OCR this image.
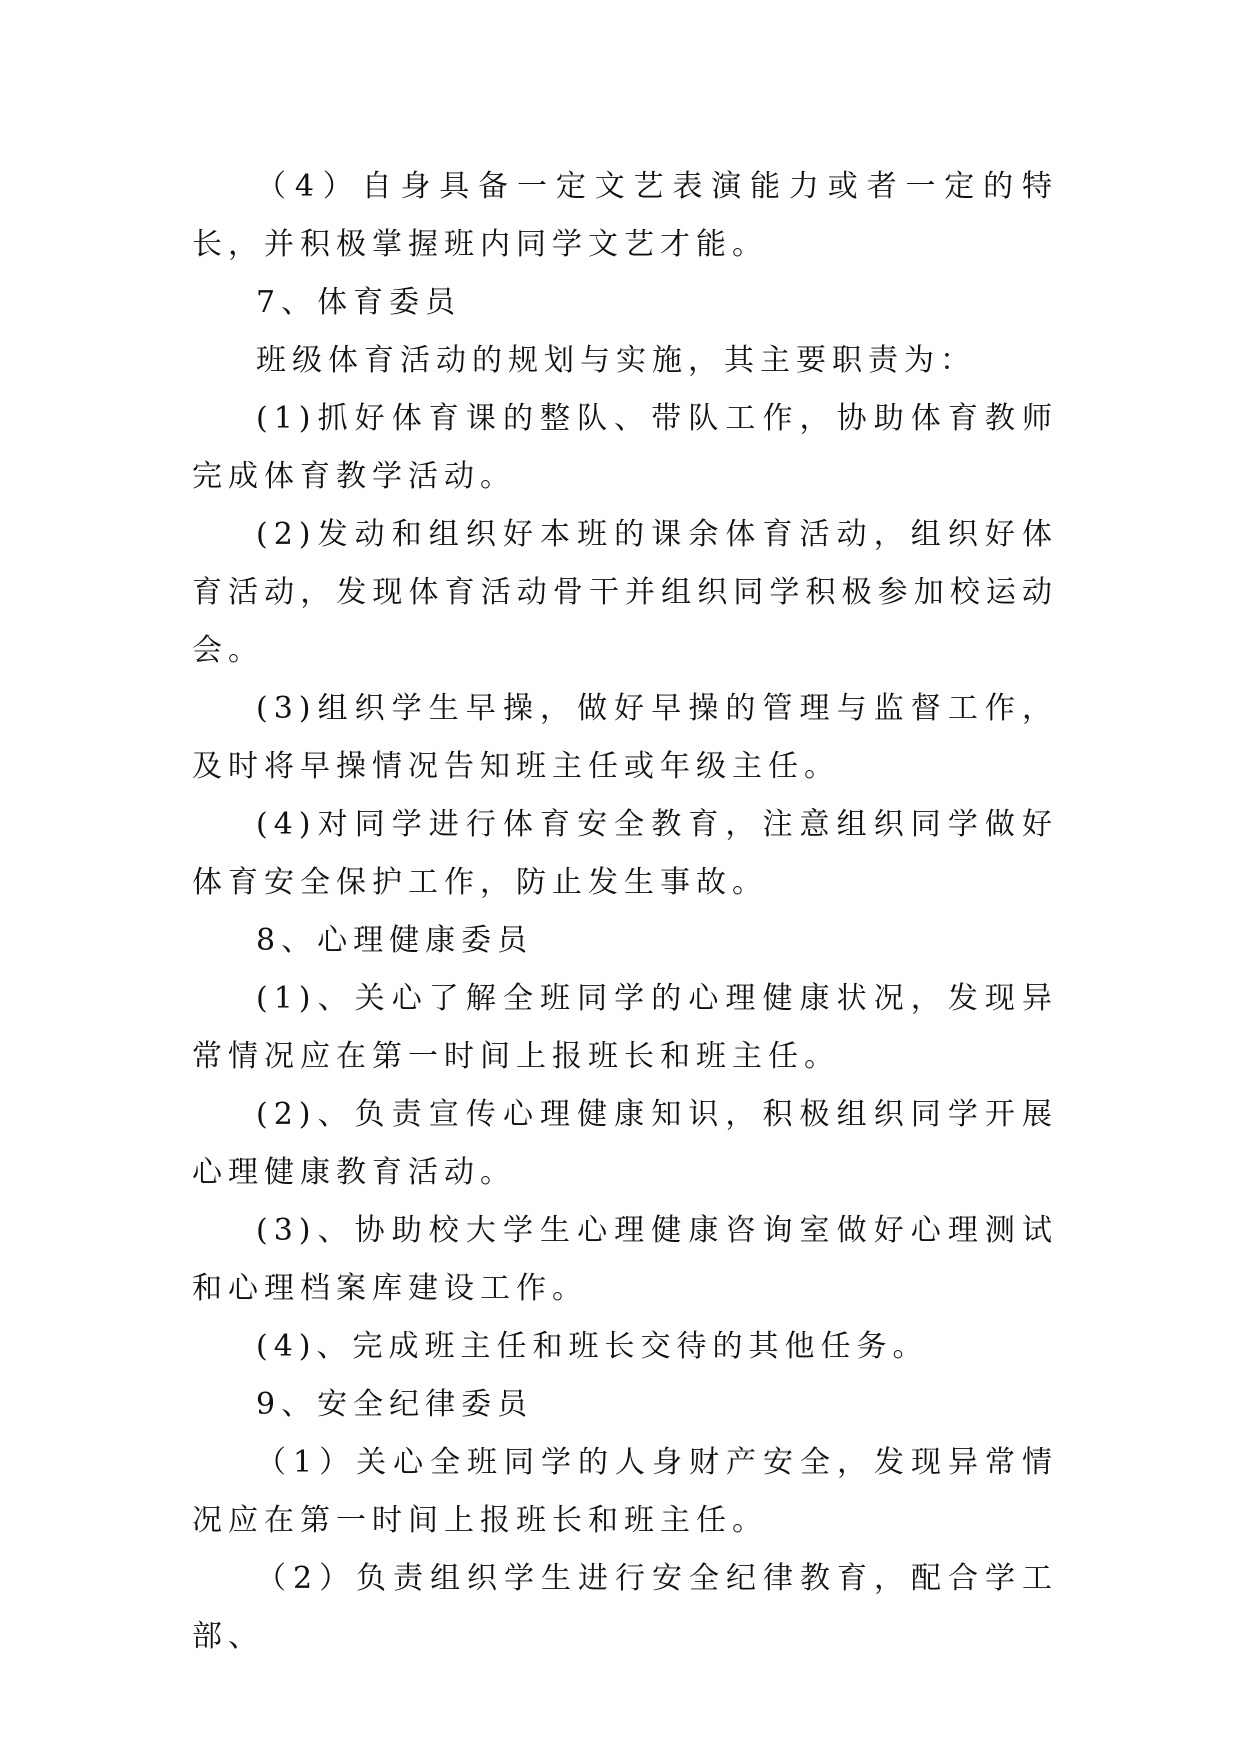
（4）自身具备一定文艺表演能力或者一定的特长，并积极掌握班内同学文艺才能。

7、体育委员

班级体育活动的规划与实施，其主要职责为：

(1)抓好体育课的整队、带队工作，协助体育教师完成体育教学活动。

(2)发动和组织好本班的课余体育活动，组织好体育活动，发现体育活动骨干并组织同学积极参加校运动会。

(3)组织学生早操，做好早操的管理与监督工作，及时将早操情况告知班主任或年级主任。

(4)对同学进行体育安全教育，注意组织同学做好体育安全保护工作，防止发生事故。

8、心理健康委员

(1)、关心了解全班同学的心理健康状况，发现异常情况应在第一时间上报班长和班主任。

(2)、负责宣传心理健康知识，积极组织同学开展心理健康教育活动。

(3)、协助校大学生心理健康咨询室做好心理测试和心理档案库建设工作。

(4)、完成班主任和班长交待的其他任务。

9、安全纪律委员

（1）关心全班同学的人身财产安全，发现异常情况应在第一时间上报班长和班主任。

（2）负责组织学生进行安全纪律教育，配合学工部、
